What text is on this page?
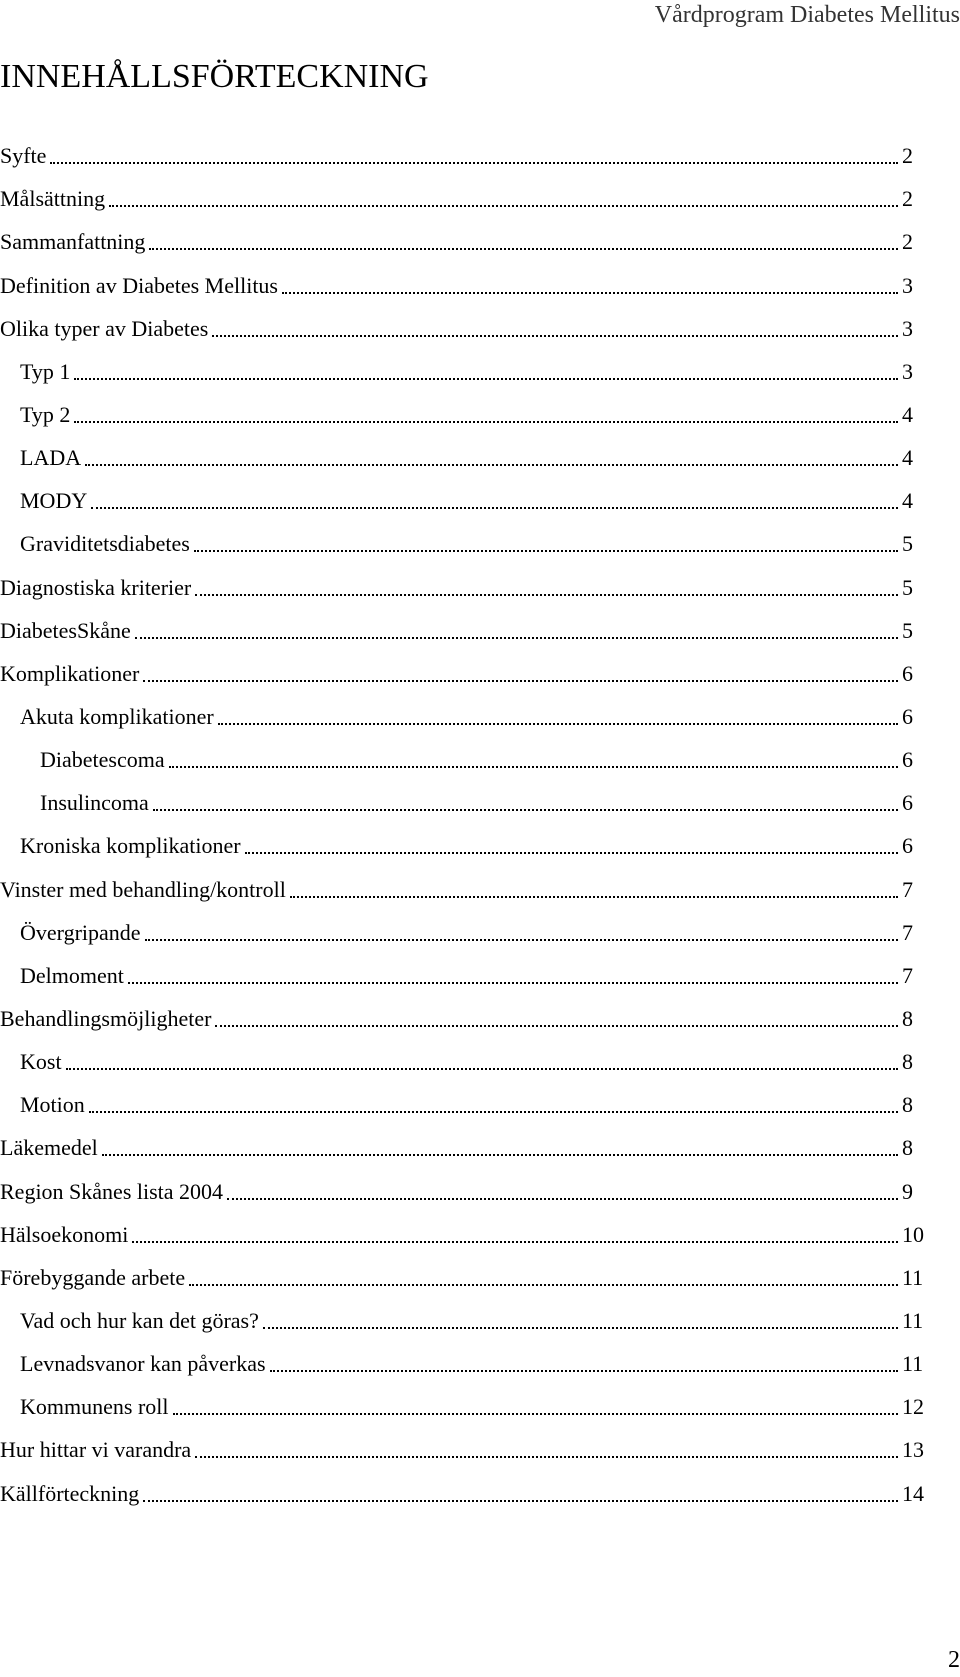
Vårdprogram Diabetes Mellitus
INNEHÅLLSFÖRTECKNING
Syfte	2
Målsättning	2
Sammanfattning	2
Definition av Diabetes Mellitus	3
Olika typer av Diabetes	3
Typ 1	3
Typ 2	4
LADA	4
MODY	4
Graviditetsdiabetes	5
Diagnostiska kriterier	5
DiabetesSkåne	5
Komplikationer	6
Akuta komplikationer	6
Diabetescoma	6
Insulincoma	6
Kroniska komplikationer	6
Vinster med behandling/kontroll	7
Övergripande	7
Delmoment	7
Behandlingsmöjligheter	8
Kost	8
Motion	8
Läkemedel	8
Region Skånes lista 2004	9
Hälsoekonomi	10
Förebyggande arbete	11
Vad och hur kan det göras?	11
Levnadsvanor kan påverkas	11
Kommunens roll	12
Hur hittar vi varandra	13
Källförteckning	14
2
